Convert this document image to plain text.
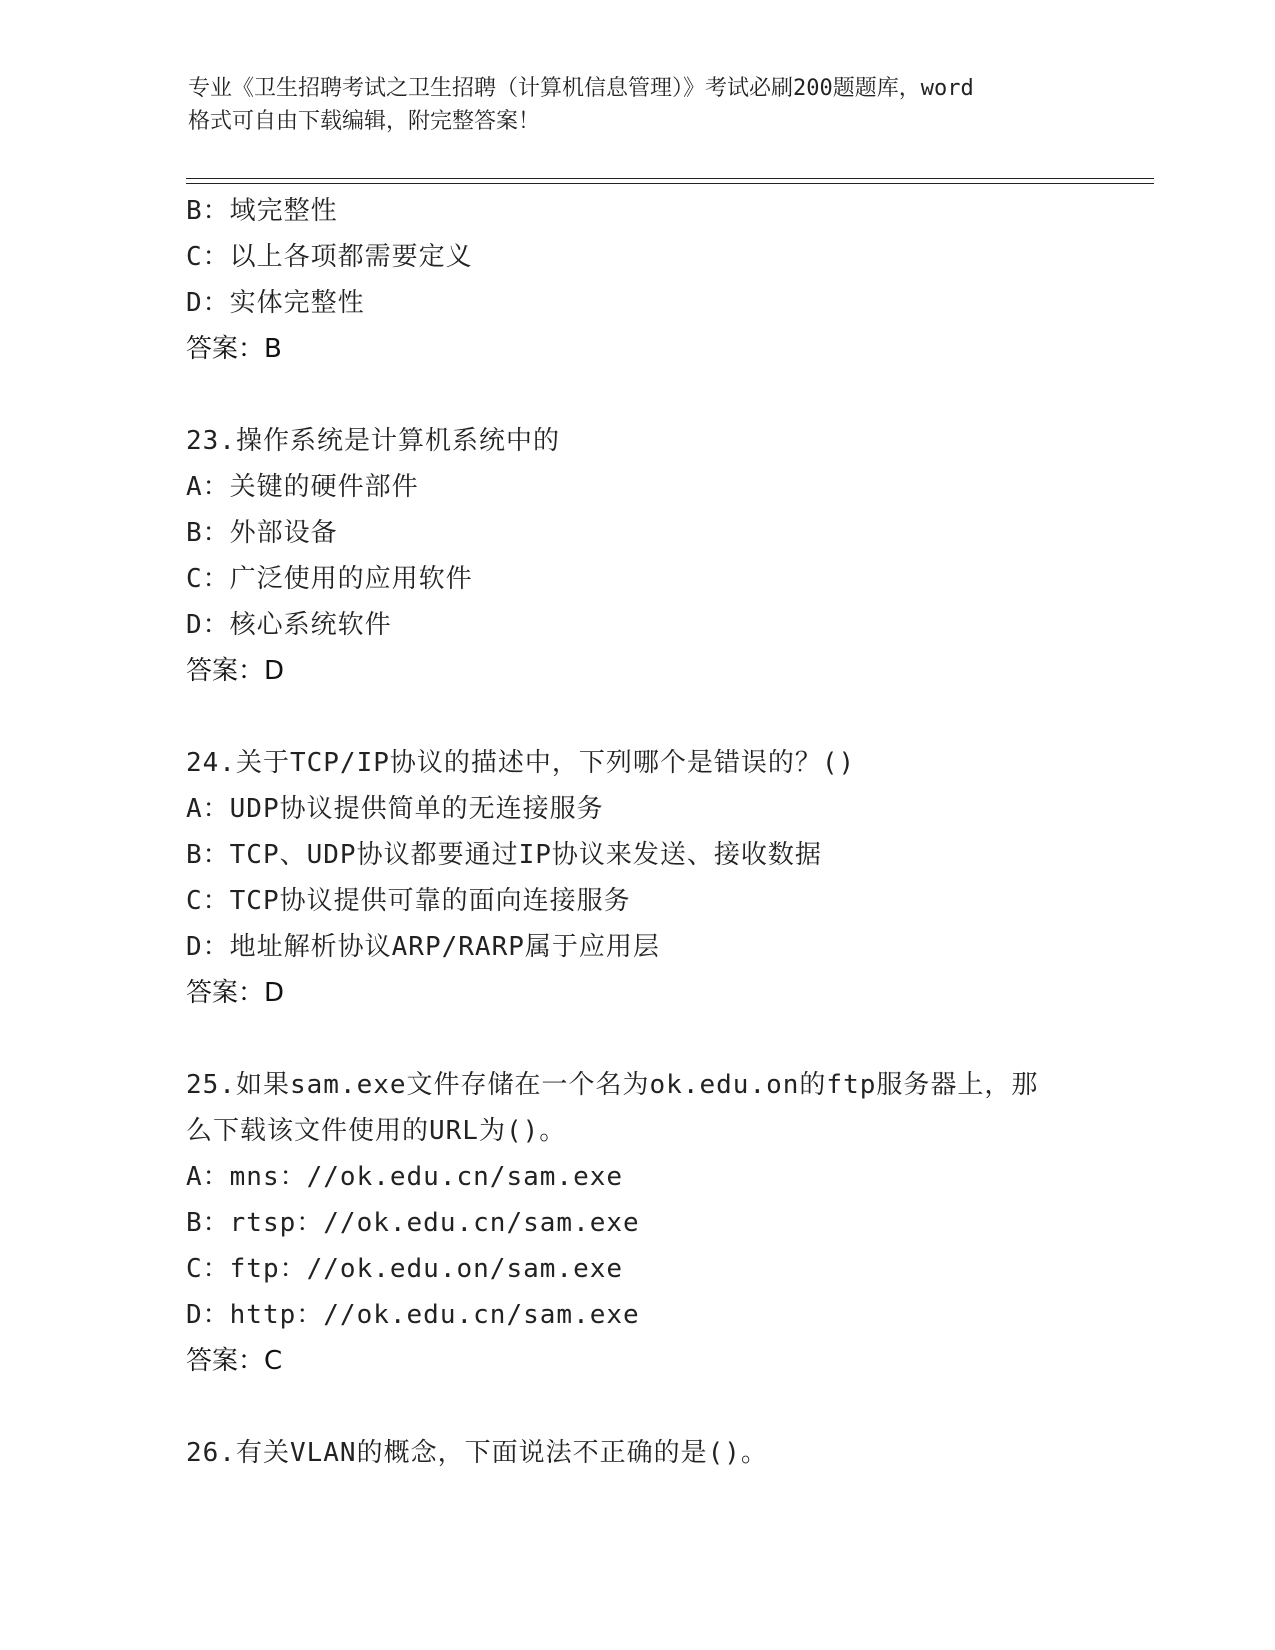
专业《卫生招聘考试之卫生招聘（计算机信息管理）》考试必刷200题题库，word
格式可自由下载编辑，附完整答案！
B：域完整性
C：以上各项都需要定义
D：实体完整性
答案：B
23.操作系统是计算机系统中的
A：关键的硬件部件
B：外部设备
C：广泛使用的应用软件
D：核心系统软件
答案：D
24.关于TCP/IP协议的描述中，下列哪个是错误的？()
A：UDP协议提供简单的无连接服务
B：TCP、UDP协议都要通过IP协议来发送、接收数据
C：TCP协议提供可靠的面向连接服务
D：地址解析协议ARP/RARP属于应用层
答案：D
25.如果sam.exe文件存储在一个名为ok.edu.on的ftp服务器上，那
么下载该文件使用的URL为()。
A：mns：//ok.edu.cn/sam.exe
B：rtsp：//ok.edu.cn/sam.exe
C：ftp：//ok.edu.on/sam.exe
D：http：//ok.edu.cn/sam.exe
答案：C
26.有关VLAN的概念，下面说法不正确的是()。
